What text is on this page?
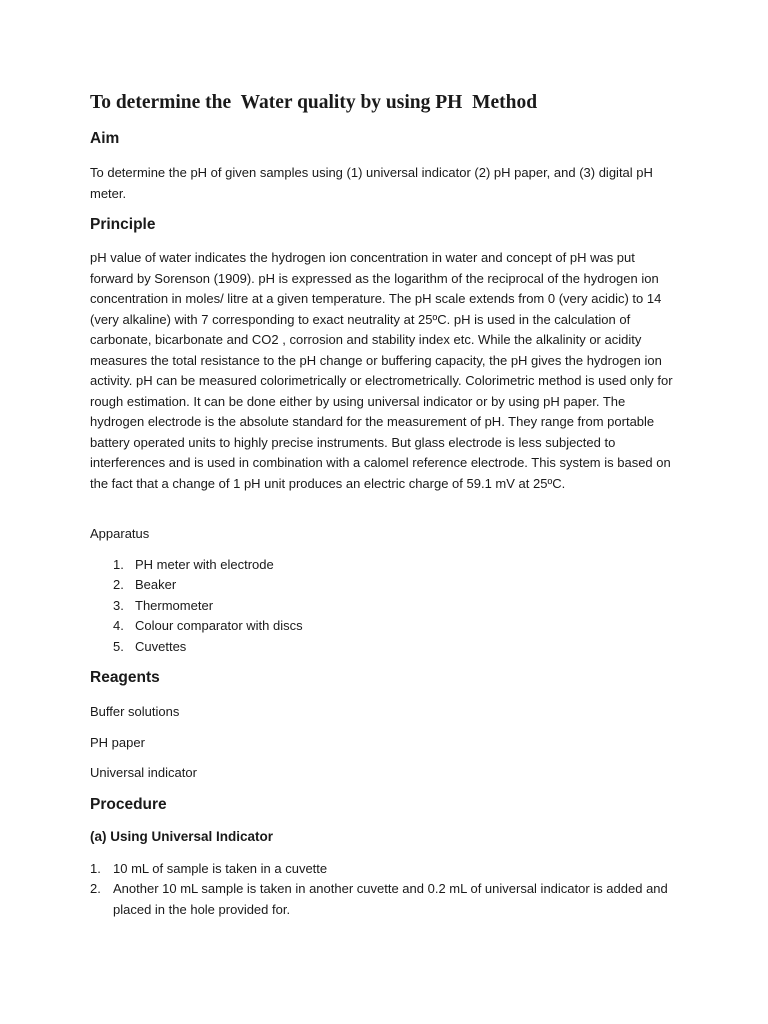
To determine the  Water quality by using PH  Method
Aim

To determine the pH of given samples using (1) universal indicator (2) pH paper, and (3) digital pH meter.

Principle

pH value of water indicates the hydrogen ion concentration in water and concept of pH was put forward by Sorenson (1909). pH is expressed as the logarithm of the reciprocal of the hydrogen ion concentration in moles/ litre at a given temperature. The pH scale extends from 0 (very acidic) to 14 (very alkaline) with 7 corresponding to exact neutrality at 25ºC. pH is used in the calculation of carbonate, bicarbonate and CO2 , corrosion and stability index etc. While the alkalinity or acidity measures the total resistance to the pH change or buffering capacity, the pH gives the hydrogen ion activity. pH can be measured colorimetrically or electrometrically. Colorimetric method is used only for rough estimation. It can be done either by using universal indicator or by using pH paper. The hydrogen electrode is the absolute standard for the measurement of pH. They range from portable battery operated units to highly precise instruments. But glass electrode is less subjected to interferences and is used in combination with a calomel reference electrode. This system is based on the fact that a change of 1 pH unit produces an electric charge of 59.1 mV at 25ºC.

Apparatus

1. PH meter with electrode
2. Beaker
3. Thermometer
4. Colour comparator with discs
5. Cuvettes
Reagents

Buffer solutions

PH paper

Universal indicator

Procedure
(a) Using Universal Indicator
1. 10 mL of sample is taken in a cuvette
2. Another 10 mL sample is taken in another cuvette and 0.2 mL of universal indicator is added and placed in the hole provided for.
